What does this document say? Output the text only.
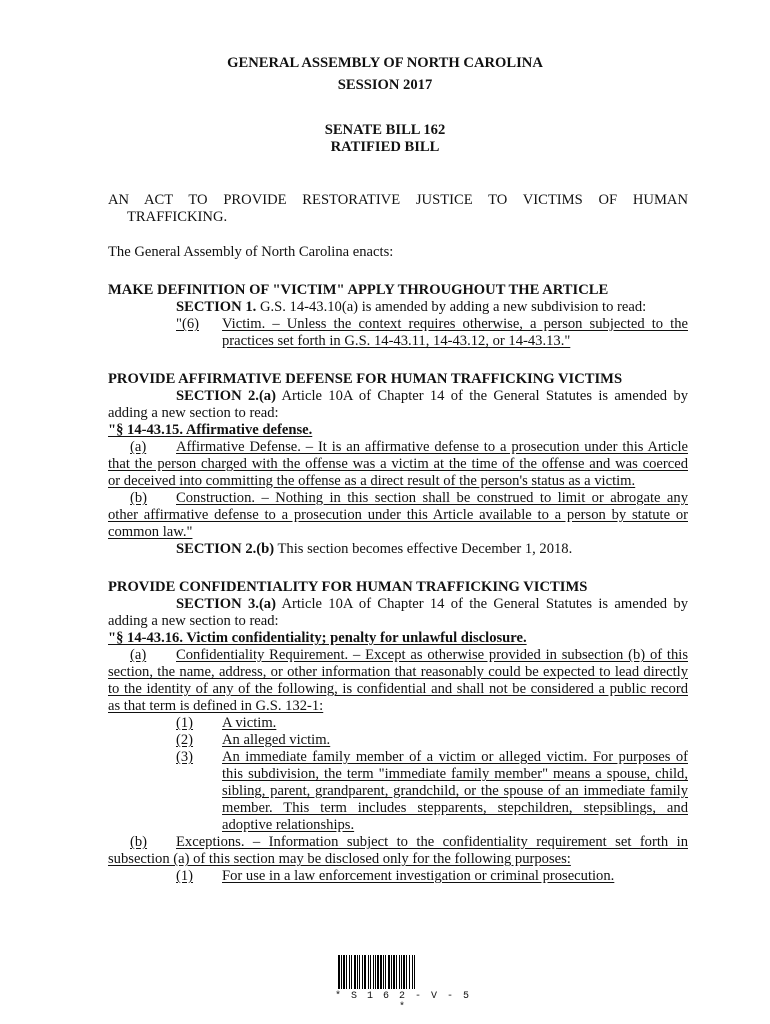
GENERAL ASSEMBLY OF NORTH CAROLINA
SESSION 2017
SENATE BILL 162
RATIFIED BILL
AN ACT TO PROVIDE RESTORATIVE JUSTICE TO VICTIMS OF HUMAN
TRAFFICKING.
The General Assembly of North Carolina enacts:
MAKE DEFINITION OF "VICTIM" APPLY THROUGHOUT THE ARTICLE
SECTION 1. G.S. 14-43.10(a) is amended by adding a new subdivision to read:
"(6) Victim. – Unless the context requires otherwise, a person subjected to the
practices set forth in G.S. 14-43.11, 14-43.12, or 14-43.13."
PROVIDE AFFIRMATIVE DEFENSE FOR HUMAN TRAFFICKING VICTIMS
SECTION 2.(a) Article 10A of Chapter 14 of the General Statutes is amended by
adding a new section to read:
"§ 14-43.15. Affirmative defense.
(a) Affirmative Defense. – It is an affirmative defense to a prosecution under this Article
that the person charged with the offense was a victim at the time of the offense and was coerced
or deceived into committing the offense as a direct result of the person's status as a victim.
(b) Construction. – Nothing in this section shall be construed to limit or abrogate any
other affirmative defense to a prosecution under this Article available to a person by statute or
common law."
SECTION 2.(b) This section becomes effective December 1, 2018.
PROVIDE CONFIDENTIALITY FOR HUMAN TRAFFICKING VICTIMS
SECTION 3.(a) Article 10A of Chapter 14 of the General Statutes is amended by
adding a new section to read:
"§ 14-43.16. Victim confidentiality; penalty for unlawful disclosure.
(a) Confidentiality Requirement. – Except as otherwise provided in subsection (b) of this
section, the name, address, or other information that reasonably could be expected to lead directly
to the identity of any of the following, is confidential and shall not be considered a public record
as that term is defined in G.S. 132-1:
(1) A victim.
(2) An alleged victim.
(3) An immediate family member of a victim or alleged victim. For purposes of
this subdivision, the term "immediate family member" means a spouse, child,
sibling, parent, grandparent, grandchild, or the spouse of an immediate family
member. This term includes stepparents, stepchildren, stepsiblings, and
adoptive relationships.
(b) Exceptions. – Information subject to the confidentiality requirement set forth in
subsection (a) of this section may be disclosed only for the following purposes:
(1) For use in a law enforcement investigation or criminal prosecution.
* S 1 6 2 - V - 5 *
